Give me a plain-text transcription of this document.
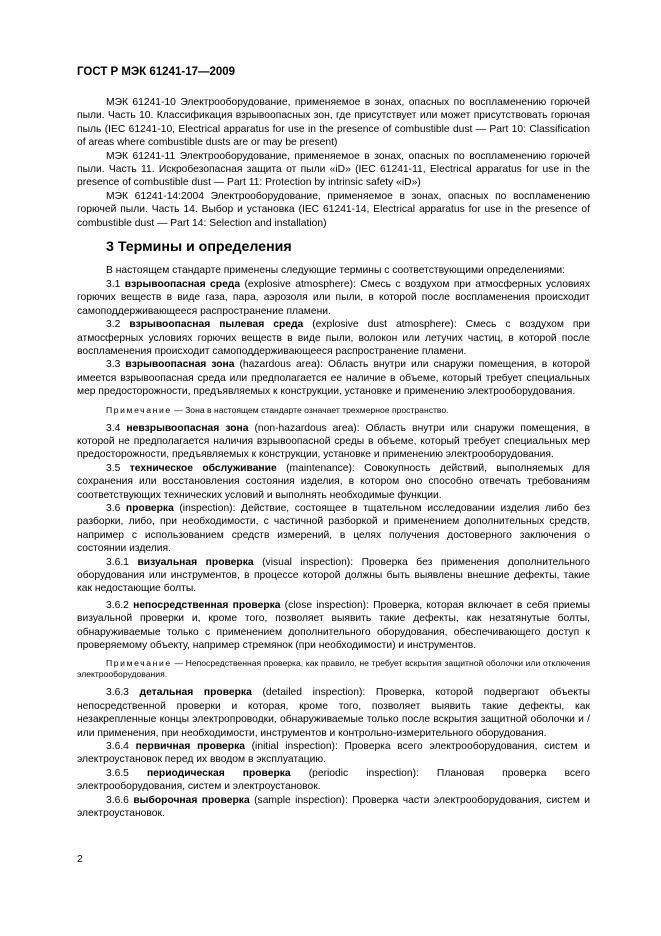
ГОСТ Р МЭК 61241-17—2009

МЭК 61241-10 Электрооборудование, применяемое в зонах, опасных по воспламенению горючей пыли. Часть 10. Классификация взрывоопасных зон, где присутствует или может присутствовать горючая пыль (IEC 61241-10, Electrical apparatus for use in the presence of combustible dust — Part 10: Classification of areas where combustible dusts are or may be present)

МЭК 61241-11 Электрооборудование, применяемое в зонах, опасных по воспламенению горючей пыли. Часть 11. Искробезопасная защита от пыли «iD» (IEC 61241-11, Electrical apparatus for use in the presence of combustible dust — Part 11: Protection by intrinsic safety «iD»)

МЭК 61241-14:2004 Электрооборудование, применяемое в зонах, опасных по воспламенению горючей пыли. Часть 14. Выбор и установка (IEC 61241-14, Electrical apparatus for use in the presence of combustible dust — Part 14: Selection and installation)

3 Термины и определения

В настоящем стандарте применены следующие термины с соответствующими определениями:

3.1 взрывоопасная среда (explosive atmosphere): Смесь с воздухом при атмосферных условиях горючих веществ в виде газа, пара, аэрозоля или пыли, в которой после воспламенения происходит самоподдерживающееся распространение пламени.

3.2 взрывоопасная пылевая среда (explosive dust atmosphere): Смесь с воздухом при атмосферных условиях горючих веществ в виде пыли, волокон или летучих частиц, в которой после воспламенения происходит самоподдерживающееся распространение пламени.

3.3 взрывоопасная зона (hazardous area): Область внутри или снаружи помещения, в которой имеется взрывоопасная среда или предполагается ее наличие в объеме, который требует специальных мер предосторожности, предъявляемых к конструкции, установке и применению электрооборудования.

Примечание — Зона в настоящем стандарте означает трехмерное пространство.

3.4 невзрывоопасная зона (non-hazardous area): Область внутри или снаружи помещения, в которой не предполагается наличия взрывоопасной среды в объеме, который требует специальных мер предосторожности, предъявляемых к конструкции, установке и применению электрооборудования.

3.5 техническое обслуживание (maintenance): Совокупность действий, выполняемых для сохранения или восстановления состояния изделия, в котором оно способно отвечать требованиям соответствующих технических условий и выполнять необходимые функции.

3.6 проверка (inspection): Действие, состоящее в тщательном исследовании изделия либо без разборки, либо, при необходимости, с частичной разборкой и применением дополнительных средств, например с использованием средств измерений, в целях получения достоверного заключения о состоянии изделия.

3.6.1 визуальная проверка (visual inspection): Проверка без применения дополнительного оборудования или инструментов, в процессе которой должны быть выявлены внешние дефекты, такие как недостающие болты.

3.6.2 непосредственная проверка (close inspection): Проверка, которая включает в себя приемы визуальной проверки и, кроме того, позволяет выявить такие дефекты, как незатянутые болты, обнаруживаемые только с применением дополнительного оборудования, обеспечивающего доступ к проверяемому объекту, например стремянок (при необходимости) и инструментов.

Примечание — Непосредственная проверка, как правило, не требует вскрытия защитной оболочки или отключения электрооборудования.

3.6.3 детальная проверка (detailed inspection): Проверка, которой подвергают объекты непосредственной проверки и которая, кроме того, позволяет выявить такие дефекты, как незакрепленные концы электропроводки, обнаруживаемые только после вскрытия защитной оболочки и /или применения, при необходимости, инструментов и контрольно-измерительного оборудования.

3.6.4 первичная проверка (initial inspection): Проверка всего электрооборудования, систем и электроустановок перед их вводом в эксплуатацию.

3.6.5 периодическая проверка (periodic inspection): Плановая проверка всего электрооборудования, систем и электроустановок.

3.6.6 выборочная проверка (sample inspection): Проверка части электрооборудования, систем и электроустановок.

2
